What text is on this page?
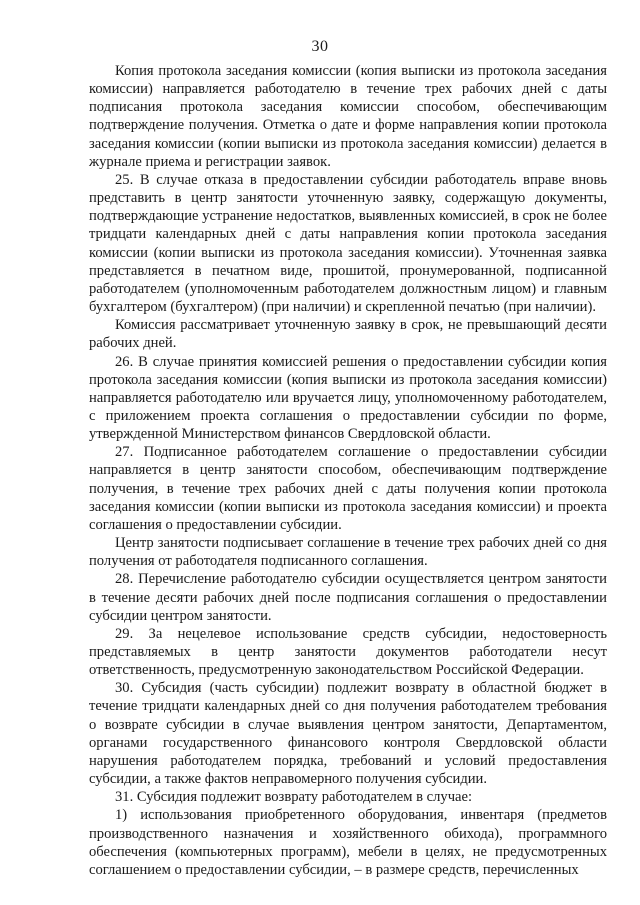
30

Копия протокола заседания комиссии (копия выписки из протокола заседания комиссии) направляется работодателю в течение трех рабочих дней с даты подписания протокола заседания комиссии способом, обеспечивающим подтверждение получения. Отметка о дате и форме направления копии протокола заседания комиссии (копии выписки из протокола заседания комиссии) делается в журнале приема и регистрации заявок.

25. В случае отказа в предоставлении субсидии работодатель вправе вновь представить в центр занятости уточненную заявку, содержащую документы, подтверждающие устранение недостатков, выявленных комиссией, в срок не более тридцати календарных дней с даты направления копии протокола заседания комиссии (копии выписки из протокола заседания комиссии). Уточненная заявка представляется в печатном виде, прошитой, пронумерованной, подписанной работодателем (уполномоченным работодателем должностным лицом) и главным бухгалтером (бухгалтером) (при наличии) и скрепленной печатью (при наличии).

Комиссия рассматривает уточненную заявку в срок, не превышающий десяти рабочих дней.

26. В случае принятия комиссией решения о предоставлении субсидии копия протокола заседания комиссии (копия выписки из протокола заседания комиссии) направляется работодателю или вручается лицу, уполномоченному работодателем, с приложением проекта соглашения о предоставлении субсидии по форме, утвержденной Министерством финансов Свердловской области.

27. Подписанное работодателем соглашение о предоставлении субсидии направляется в центр занятости способом, обеспечивающим подтверждение получения, в течение трех рабочих дней с даты получения копии протокола заседания комиссии (копии выписки из протокола заседания комиссии) и проекта соглашения о предоставлении субсидии.

Центр занятости подписывает соглашение в течение трех рабочих дней со дня получения от работодателя подписанного соглашения.

28. Перечисление работодателю субсидии осуществляется центром занятости в течение десяти рабочих дней после подписания соглашения о предоставлении субсидии центром занятости.

29. За нецелевое использование средств субсидии, недостоверность представляемых в центр занятости документов работодатели несут ответственность, предусмотренную законодательством Российской Федерации.

30. Субсидия (часть субсидии) подлежит возврату в областной бюджет в течение тридцати календарных дней со дня получения работодателем требования о возврате субсидии в случае выявления центром занятости, Департаментом, органами государственного финансового контроля Свердловской области нарушения работодателем порядка, требований и условий предоставления субсидии, а также фактов неправомерного получения субсидии.

31. Субсидия подлежит возврату работодателем в случае:

1) использования приобретенного оборудования, инвентаря (предметов производственного назначения и хозяйственного обихода), программного обеспечения (компьютерных программ), мебели в целях, не предусмотренных соглашением о предоставлении субсидии, – в размере средств, перечисленных
